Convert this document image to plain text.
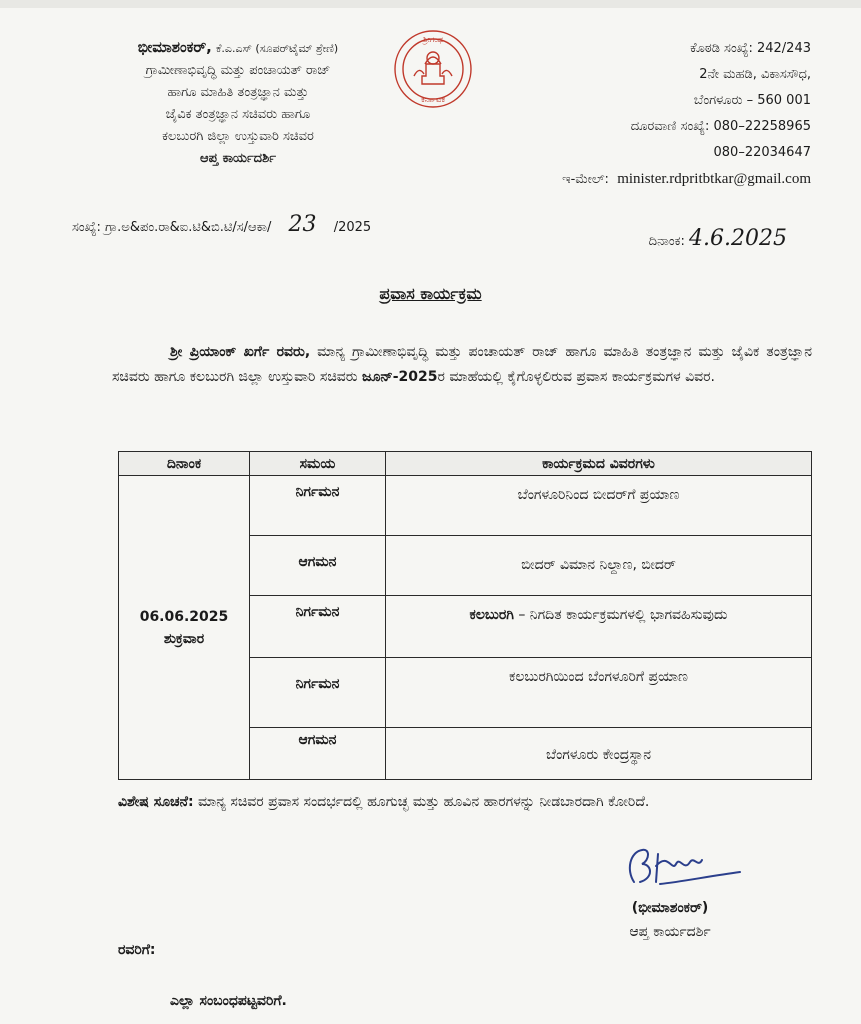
ಭೀಮಾಶಂಕರ್, ಕೆ.ಎ.ಎಸ್ (ಸೂಪರ್‌ಟೈಮ್ ಶ್ರೇಣಿ)
ಗ್ರಾಮೀಣಾಭಿವೃದ್ಧಿ ಮತ್ತು ಪಂಚಾಯತ್ ರಾಜ್
ಹಾಗೂ ಮಾಹಿತಿ ತಂತ್ರಜ್ಞಾನ ಮತ್ತು
ಜೈವಿಕ ತಂತ್ರಜ್ಞಾನ ಸಚಿವರು ಹಾಗೂ
ಕಲಬುರಗಿ ಜಿಲ್ಲಾ ಉಸ್ತುವಾರಿ ಸಚಿವರ
ಆಪ್ತ ಕಾರ್ಯದರ್ಶಿ
ಶ್ರೀಗಂಧ
ಕರ್ನಾಟಕ
ಕೊಠಡಿ ಸಂಖ್ಯೆ: 242/243
2ನೇ ಮಹಡಿ, ವಿಕಾಸಸೌಧ,
ಬೆಂಗಳೂರು – 560 001
ದೂರವಾಣಿ ಸಂಖ್ಯೆ: 080–22258965
080–22034647
ಇ-ಮೇಲ್: minister.rdpritbtkar@gmail.com
ಸಂಖ್ಯೆ: ಗ್ರಾ.ಅ&ಪಂ.ರಾ&ಐ.ಟಿ&ಬಿ.ಟಿ/ಸ/ಆಕಾ/ 23 /2025
ದಿನಾಂಕ: 4.6.2025
ಪ್ರವಾಸ ಕಾರ್ಯಕ್ರಮ

ಶ್ರೀ ಪ್ರಿಯಾಂಕ್ ಖರ್ಗೆ ರವರು, ಮಾನ್ಯ ಗ್ರಾಮೀಣಾಭಿವೃದ್ಧಿ ಮತ್ತು ಪಂಚಾಯತ್ ರಾಜ್ ಹಾಗೂ ಮಾಹಿತಿ ತಂತ್ರಜ್ಞಾನ ಮತ್ತು ಜೈವಿಕ ತಂತ್ರಜ್ಞಾನ ಸಚಿವರು ಹಾಗೂ ಕಲಬುರಗಿ ಜಿಲ್ಲಾ ಉಸ್ತುವಾರಿ ಸಚಿವರು ಜೂನ್-2025ರ ಮಾಹೆಯಲ್ಲಿ ಕೈಗೊಳ್ಳಲಿರುವ ಪ್ರವಾಸ ಕಾರ್ಯಕ್ರಮಗಳ ವಿವರ.

ದಿನಾಂಕ	ಸಮಯ	ಕಾರ್ಯಕ್ರಮದ ವಿವರಗಳು

06.06.2025
ಶುಕ್ರವಾರ	ನಿರ್ಗಮನ	ಬೆಂಗಳೂರಿನಿಂದ ಬೀದರ್‌ಗೆ ಪ್ರಯಾಣ
	ಆಗಮನ	ಬೀದರ್ ವಿಮಾನ ನಿಲ್ದಾಣ, ಬೀದರ್
	ನಿರ್ಗಮನ	ಕಲಬುರಗಿ – ನಿಗದಿತ ಕಾರ್ಯಕ್ರಮಗಳಲ್ಲಿ ಭಾಗವಹಿಸುವುದು
	ನಿರ್ಗಮನ	ಕಲಬುರಗಿಯಿಂದ ಬೆಂಗಳೂರಿಗೆ ಪ್ರಯಾಣ
	ಆಗಮನ	ಬೆಂಗಳೂರು ಕೇಂದ್ರಸ್ಥಾನ
ವಿಶೇಷ ಸೂಚನೆ: ಮಾನ್ಯ ಸಚಿವರ ಪ್ರವಾಸ ಸಂದರ್ಭದಲ್ಲಿ ಹೂಗುಚ್ಛ ಮತ್ತು ಹೂವಿನ ಹಾರಗಳನ್ನು ನೀಡಬಾರದಾಗಿ ಕೋರಿದೆ.
(ಭೀಮಾಶಂಕರ್)
ಆಪ್ತ ಕಾರ್ಯದರ್ಶಿ
ರವರಿಗೆ:
ಎಲ್ಲಾ ಸಂಬಂಧಪಟ್ಟವರಿಗೆ.
